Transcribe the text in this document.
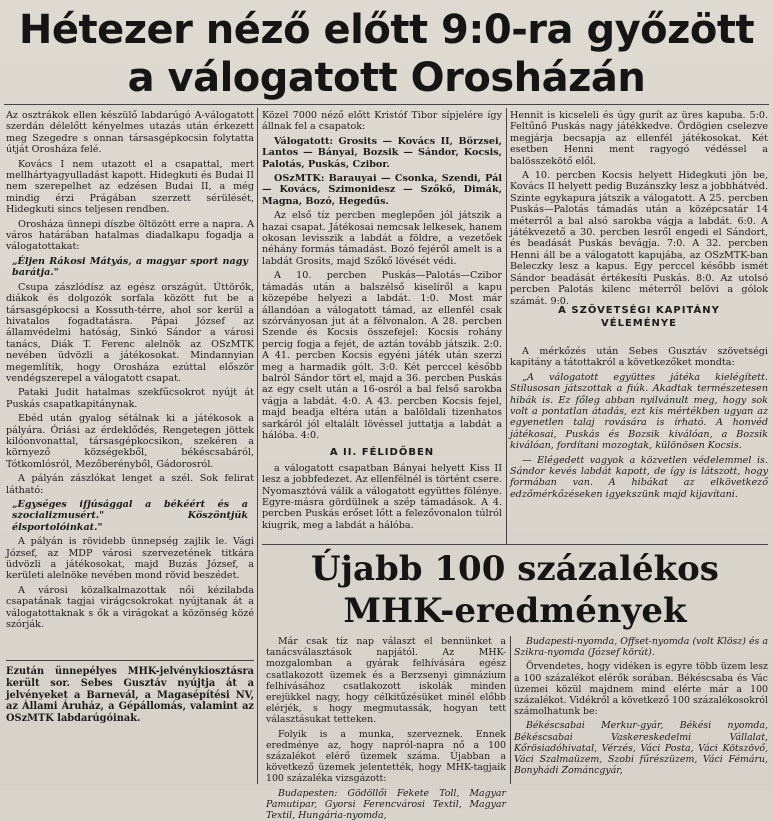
Hétezer néző előtt 9:0-ra győzött
a válogatott Orosházán

Az osztrákok ellen készülő labdarúgó A-válogatott szerdán délelőtt kényelmes utazás után érkezett meg Szegedre s onnan társasgépkocsin folytatta útját Orosháza felé.

Kovács I nem utazott el a csapattal, mert mellhártyagyulladást kapott. Hidegkuti és Budai II nem szerepelhet az edzésen Budai II, a még mindig érzi Prágában szerzett sérülését, Hidegkuti sincs teljesen rendben.

Orosháza ünnepi díszbe öltözött erre a napra. A város határában hatalmas diadalkapu fogadja a válogatottakat:

„Éljen Rákosi Mátyás, a magyar sport nagy barátja."

Csupa zászlódísz az egész országút. Úttörők, diákok és dolgozók sorfala között fut be a társasgépkocsi a Kossuth-térre, ahol sor kerül a hivatalos fogadtatásra. Pápai József az államvédelmi hatóság, Sinkó Sándor a városi tanács, Diák T. Ferenc alelnök az OSzMTK nevében üdvözli a játékosokat. Mindannyian megemlítik, hogy Orosháza ezúttal először vendégszerepel a válogatott csapat.

Pataki Judit hatalmas szekfűcsokrot nyújt át Puskás csapatkapitánynak.

Ebéd után gyalog sétálnak ki a játékosok a pályára. Óriási az érdeklődés, Rengetegen jöttek kilóonvonattal, társasgépkocsikon, szekéren a környező községekből, békéscsabáról, Tótkomlósról, Mezőberényből, Gádorosról.

A pályán zászlókat lenget a szél. Sok felirat látható:

„Egységes ifjúsággal a békéért és a szocializmusért." Köszöntjük élsportolóinkat."

A pályán is rövidebb ünnepség zajlik le. Vági József, az MDP városi szervezetének titkára üdvözli a játékosokat, majd Buzás József, a kerületi alelnöke nevében mond rövid beszédet.

A városi közalkalmazottak női kézilabda csapatának tagjai virágcsokrokat nyújtanak át a válogatottaknak s ők a virágokat a közönség közé szórják.

Ezután ünnepélyes MHK-jelvénykiosztásra került sor. Sebes Gusztáv nyújtja át a jelvényeket a Barnevál, a Magasépítési NV, az Állami Áruház, a Gépállomás, valamint az OSzMTK labdarúgóinak.

Közel 7000 néző előtt Kristóf Tibor sípjelére így állnak fel a csapatok:

Válogatott: Grosits — Kovács II, Börzsei, Lantos — Bányai, Bozsik — Sándor, Kocsis, Palotás, Puskás, Czibor.

OSzMTK: Barauyai — Csonka, Szendi, Pál — Kovács, Szimonidesz — Szőkő, Dimák, Magna, Bozó, Hegedűs.

Az első tíz percben meglepően jól játszik a hazai csapat. Játékosai nemcsak lelkesek, hanem okosan levisszik a labdát a földre, a vezetőek néhány formás támadást. Bozó fejéről amelt is a labdát Grosits, majd Szőkő lövését védi.

A 10. percben Puskás—Palotás—Czibor támadás után a balszélső kiselíről a kapu közepébe helyezi a labdát. 1:0. Most már állandóan a válogatott támad, az ellenfél csak szórványosan jut át a félvonalon. A 28. percben Szende és Kocsis összefejel: Kocsis rohány percig fogja a fejét, de aztán tovább játszik. 2:0. A 41. percben Kocsis egyéni játék után szerzi meg a harmadik gólt. 3:0. Két perccel később balról Sándor tört el, majd a 36. percben Puskás az egy cselt után a 16-osról a bal felső sarokba vágja a labdát. 4:0. A 43. percben Kocsis fejel, majd beadja eltéra után a balöldali tizenhatos sarkáról jól eltalált lövéssel juttatja a labdát a hálóba. 4:0.

A II. FÉLIDŐBEN

a válogatott csapatban Bányai helyett Kiss II lesz a jobbfedezet. Az ellenfélnél is történt csere. Nyomasztóvá válik a válogatott együttes fölénye. Egyre-másra gördülnek a szép támadások. A 4. percben Puskás erőset lőtt a felezővonalon túlról kiugrik, meg a labdát a hálóba.

Hennit is kicseleli és úgy gurít az üres kapuba. 5:0. Feltűnő Puskás nagy játékkedve. Ördögien cselezve megjárja becsapja az ellenfél játékosokat. Két esetben Henni ment ragyogó védéssel a balösszekötő elől.

A 10. percben Kocsis helyett Hidegkuti jön be, Kovács II helyett pedig Buzánszky lesz a jobbhátvéd. Szinte egykapura játszik a válogatott. A 25. percben Puskás—Palotás támadás után a középcsatár 14 méterről a bal alsó sarokba vágja a labdát. 6:0. A játékvezető a 30. percben lesről engedi el Sándort, és beadását Puskás bevágja. 7:0. A 32. percben Henni áll be a válogatott kapujába, az OSzMTK-ban Beleczky lesz a kapus. Egy perccel később ismét Sándor beadását értékesíti Puskás. 8:0. Az utolsó percben Palotás kilenc méterről belövi a gólok számát. 9:0.

A SZÖVETSÉGI KAPITÁNY
VÉLEMÉNYE

A mérkőzés után Sebes Gusztáv szövetségi kapitány a tátottakról a következőket mondta:

„A válogatott együttes játéka kielégített. Stílusosan játszottak a fiúk. Akadtak természetesen hibák is. Ez főleg abban nyilvánult meg, hogy sok volt a pontatlan átadás, ezt kis mértékben ugyan az egyenetlen talaj rovására is írható. A honvéd játékosai, Puskás és Bozsik kiválóan, a Bozsik kiválóan, fordítani mozogtak, különösen Kocsis.

— Elégedett vagyok a közvetlen védelemmel is. Sándor kevés labdát kapott, de így is látszott, hogy formában van. A hibákat az elkövetkező edzőmérkőzéseken igyekszünk majd kijavítani.

Újabb 100 százalékos
MHK-eredmények

Már csak tíz nap választ el bennünket a tanácsválasztások napjától. Az MHK-mozgalomban a gyárak felhívására egész csatlakozott üzemek és a Berzsenyi gimnázium felhívásához csatlakozott iskolák minden erejükkel nagy, hogy célkitűzésüket minél előbb elérjék, s hogy megmutassák, hogyan tett választásukat tetteken.

Folyik is a munka, szerveznek. Ennek eredménye az, hogy napról-napra nő a 100 százalékot elérő üzemek száma. Újabban a következő üzemek jelentették, hogy MHK-tagjaik 100 százaléka vizsgázott:

Budapesten: Gödöllői Fekete Toll, Magyar Pamutipar, Gyorsi Ferencvárosi Textil, Magyar Textil, Hungária-nyomda,

Budapesti-nyomda, Offset-nyomda (volt Klösz) és a Szikra-nyomda (József körút).

Örvendetes, hogy vidéken is egyre több üzem lesz a 100 százalékot elérők sorában. Békéscsaba és Vác üzemei közül majdnem mind elérte már a 100 százalékot. Vidékről a következő 100 százalékosokról számolhatunk be:

Békéscsabai Merkur-gyár, Békési nyomda, Békéscsabai Vaskereskedelmi Vállalat, Kőrösiadóhivatal, Vérzés, Váci Posta, Váci Kötszövő, Váci Szalmaüzem, Szobi fűrészüzem, Váci Fémáru, Bonyhádi Zománcgyár,
